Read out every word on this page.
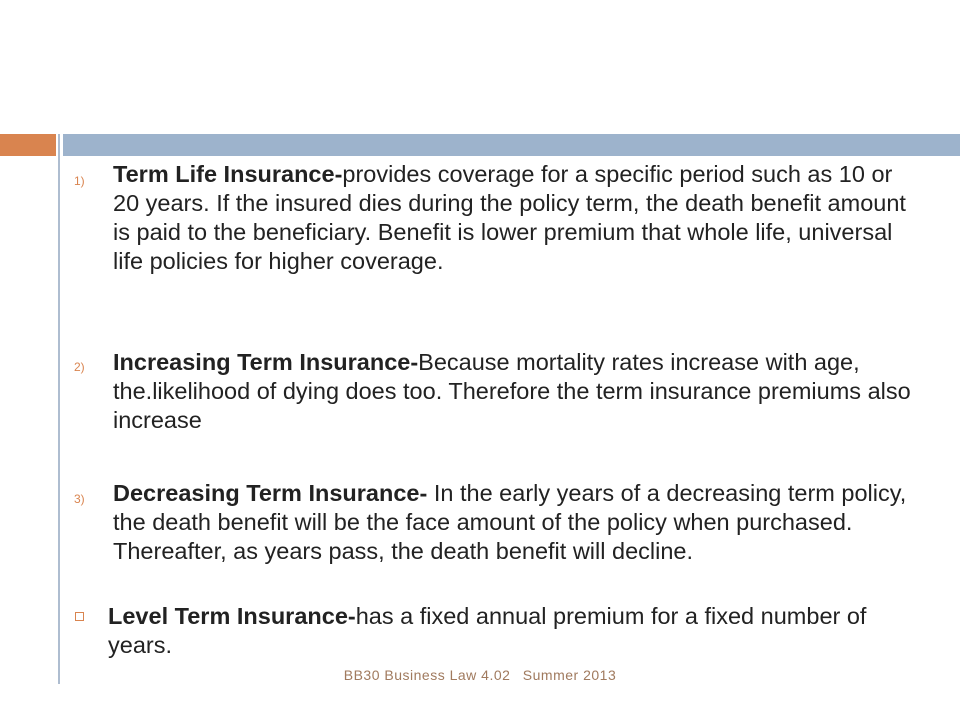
1) Term Life Insurance-provides coverage for a specific period such as 10 or 20 years. If the insured dies during the policy term, the death benefit amount is paid to the beneficiary. Benefit is lower premium that whole life, universal life policies for higher coverage.
2) Increasing Term Insurance-Because mortality rates increase with age, the.likelihood of dying does too. Therefore the term insurance premiums also increase
3) Decreasing Term Insurance- In the early years of a decreasing term policy, the death benefit will be the face amount of the policy when purchased. Thereafter, as years pass, the death benefit will decline.
Level Term Insurance-has a fixed annual premium for a fixed number of years.
BB30 Business Law 4.02 Summer 2013
